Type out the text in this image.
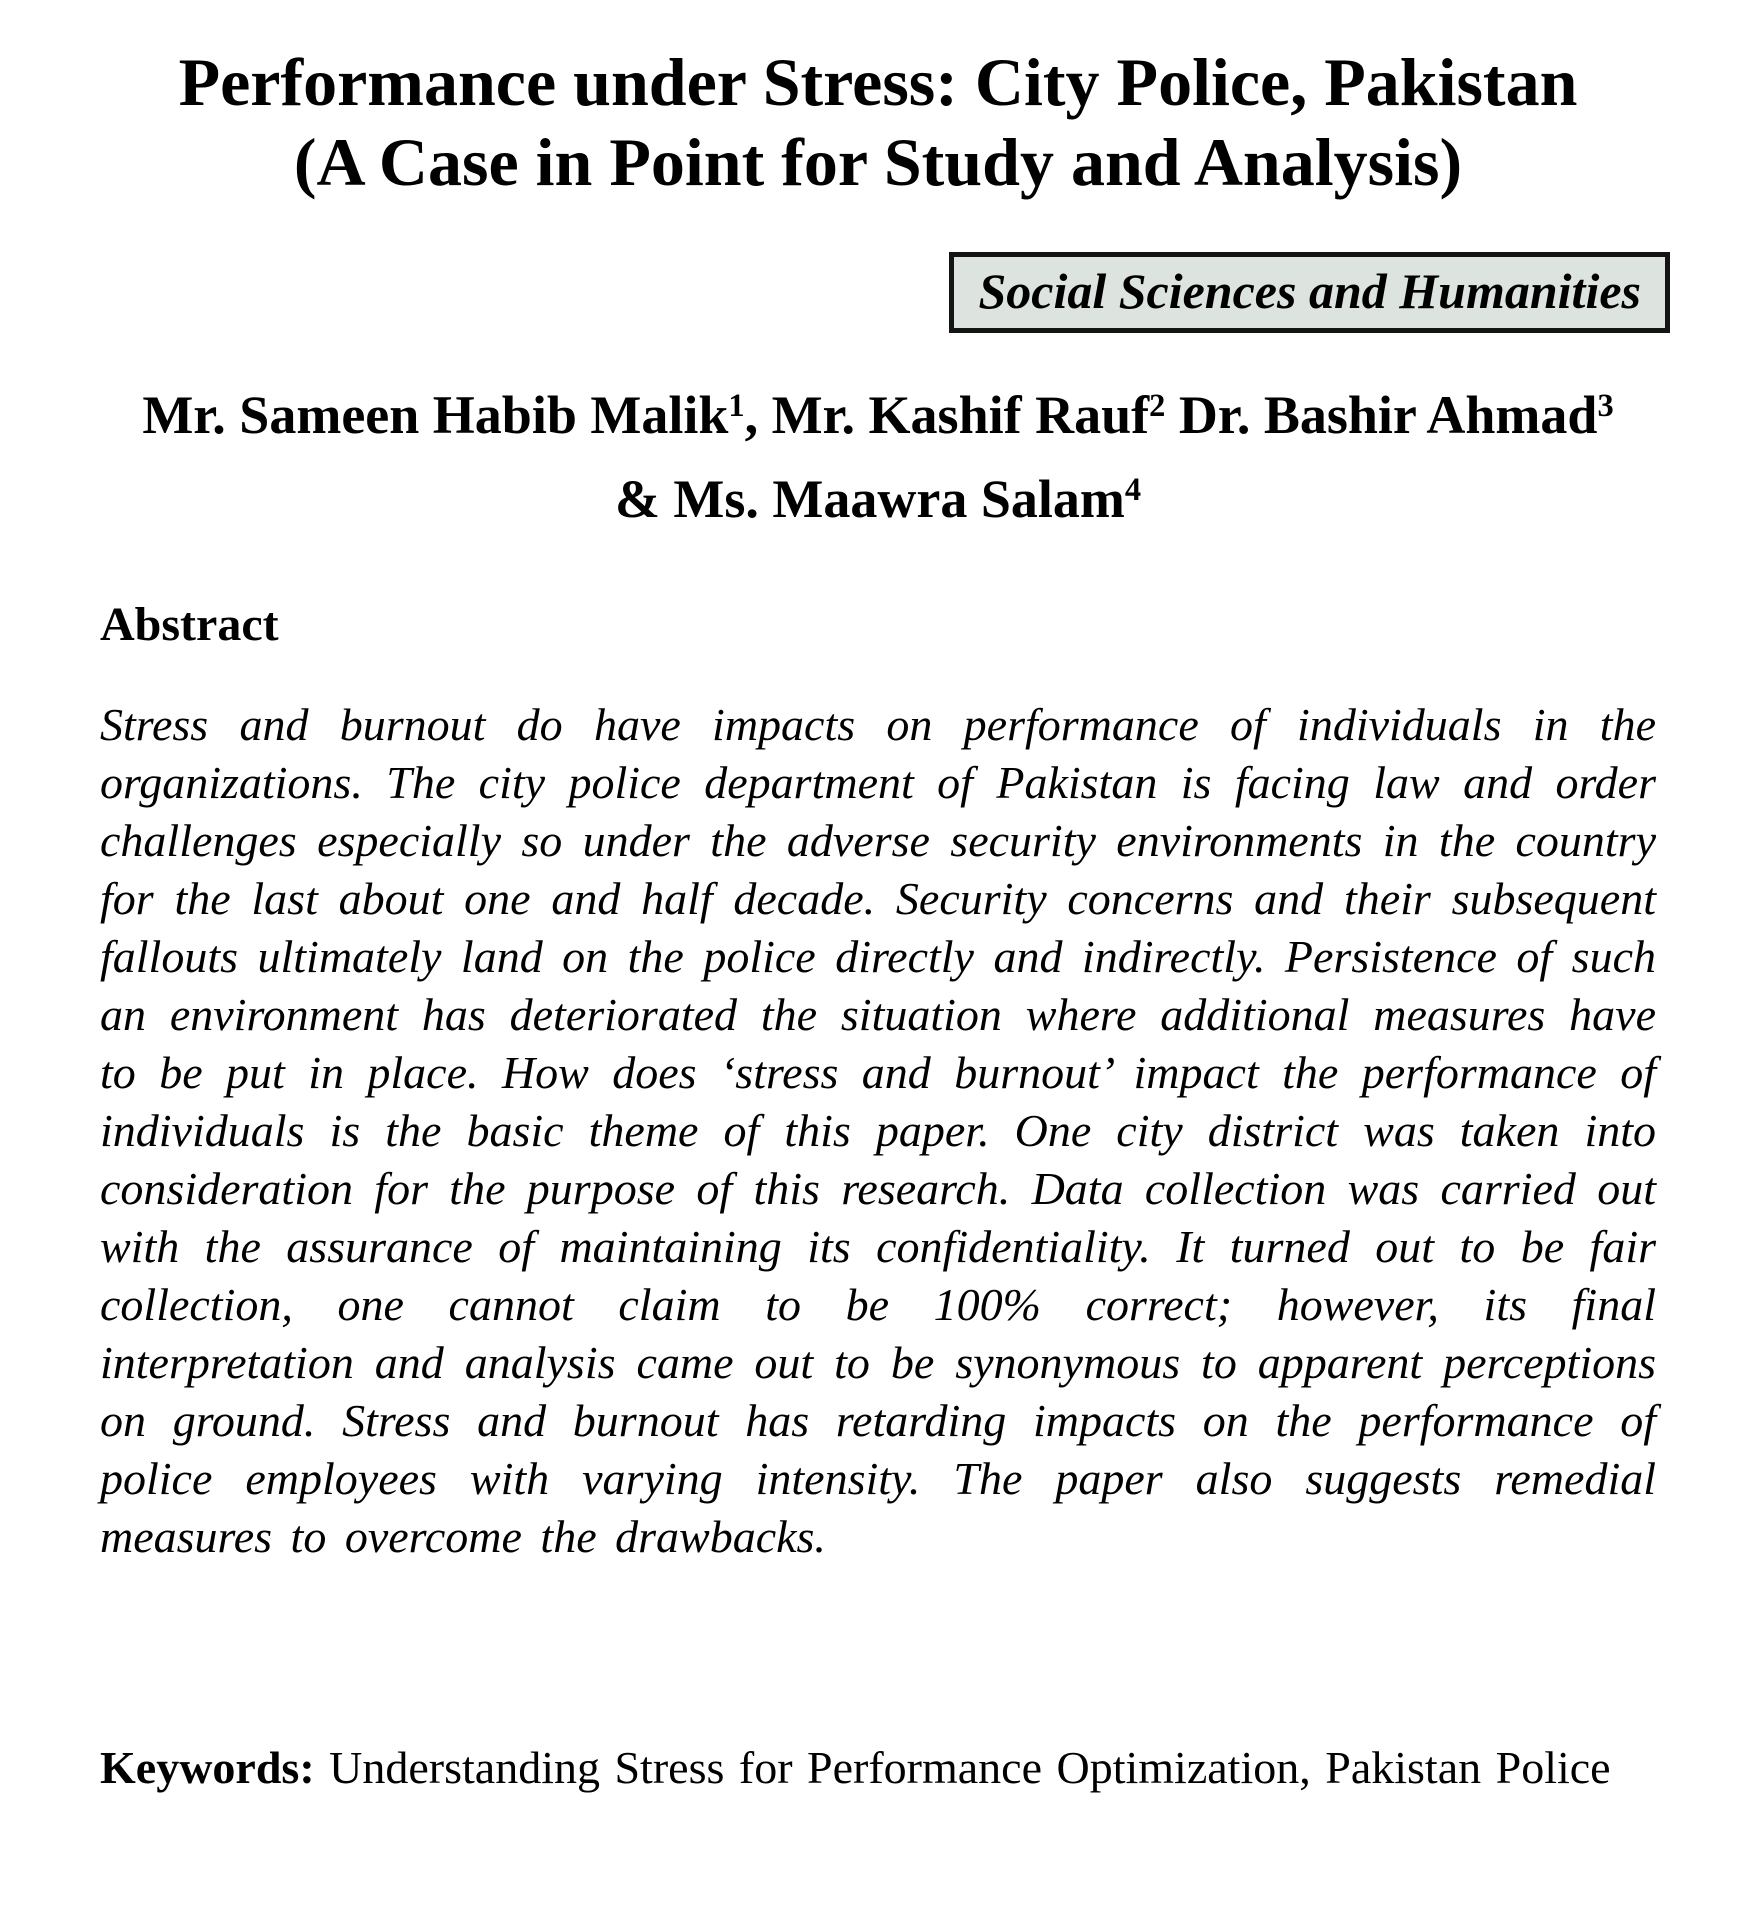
Performance under Stress: City Police, Pakistan
(A Case in Point for Study and Analysis)
Social Sciences and Humanities
Mr. Sameen Habib Malik$^1$, Mr. Kashif Rauf$^2$ Dr. Bashir Ahmad$^3$
& Ms. Maawra Salam$^4$
Abstract

Stress and burnout do have impacts on performance of individuals in the organizations. The city police department of Pakistan is facing law and order challenges especially so under the adverse security environments in the country for the last about one and half decade. Security concerns and their subsequent fallouts ultimately land on the police directly and indirectly. Persistence of such an environment has deteriorated the situation where additional measures have to be put in place. How does ‘stress and burnout’ impact the performance of individuals is the basic theme of this paper. One city district was taken into consideration for the purpose of this research. Data collection was carried out with the assurance of maintaining its confidentiality. It turned out to be fair collection, one cannot claim to be 100% correct; however, its final interpretation and analysis came out to be synonymous to apparent perceptions on ground. Stress and burnout has retarding impacts on the performance of police employees with varying intensity. The paper also suggests remedial measures to overcome the drawbacks.

Keywords: Understanding Stress for Performance Optimization, Pakistan Police
